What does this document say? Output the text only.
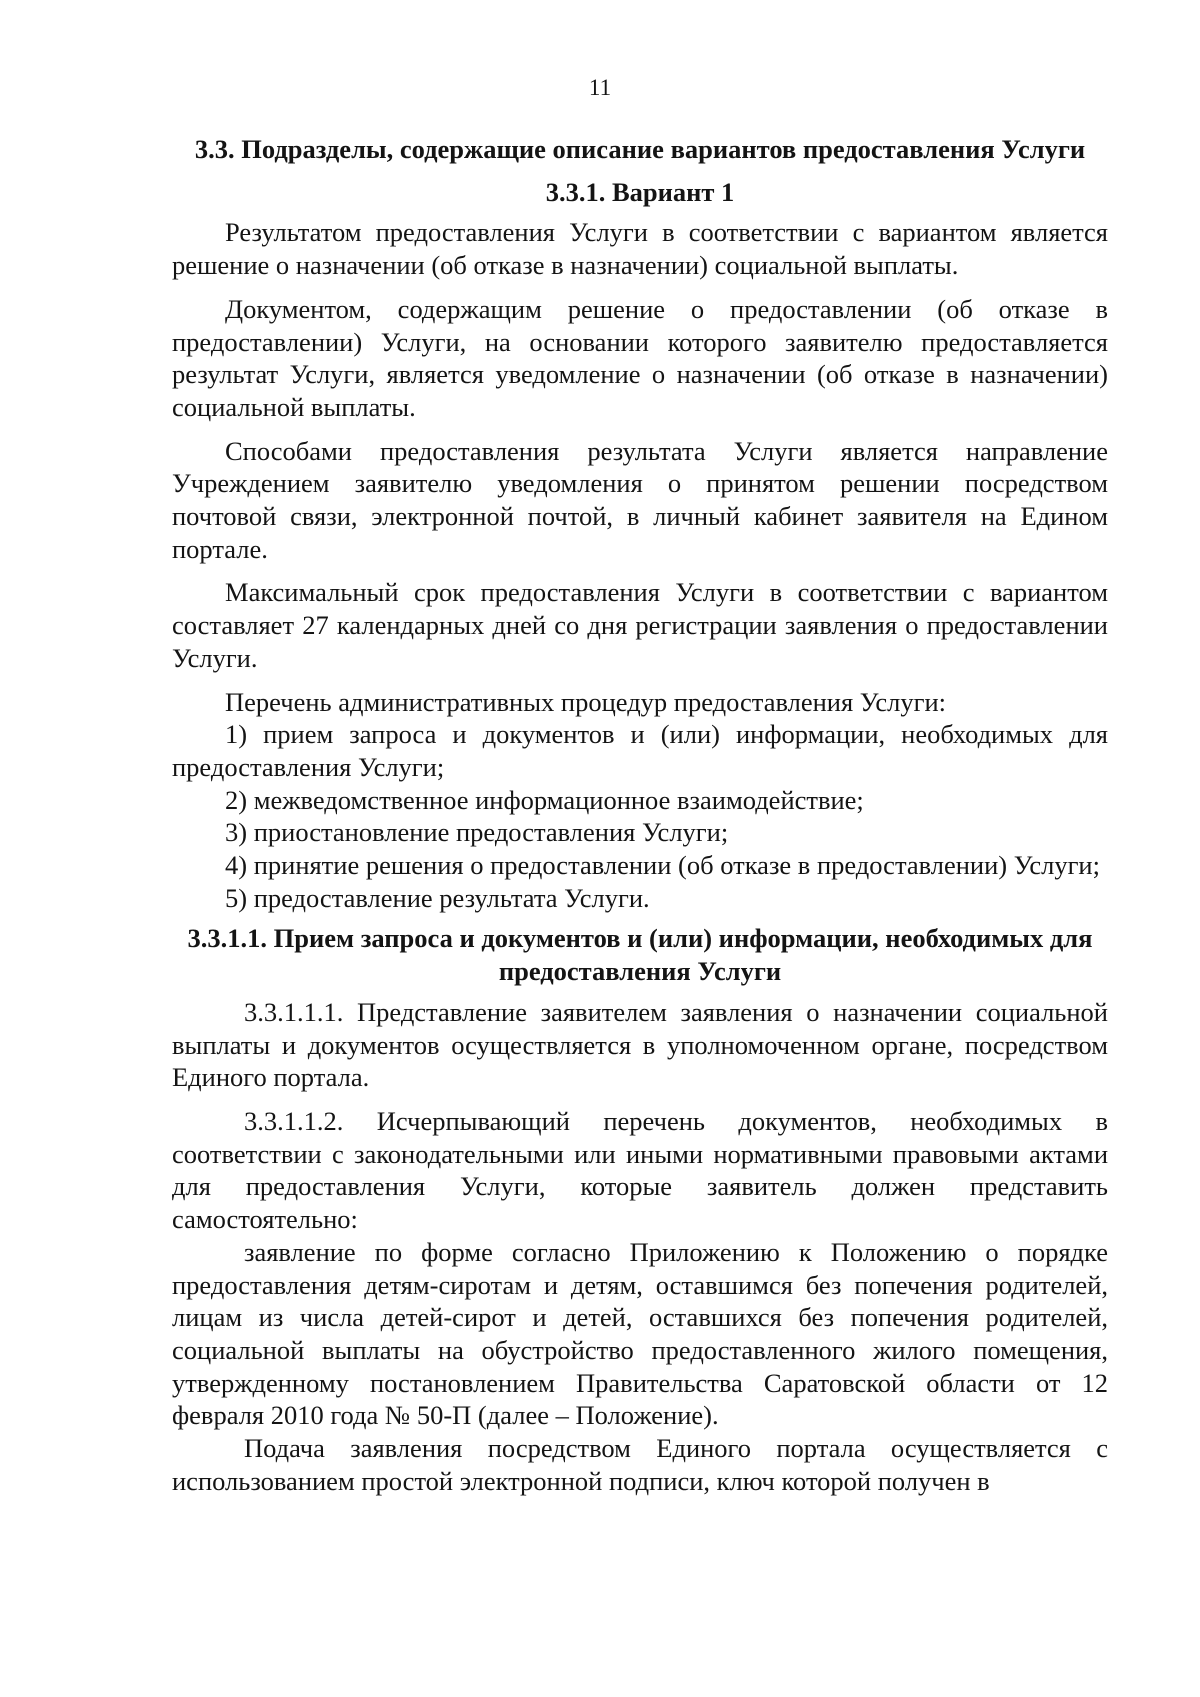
11

3.3. Подразделы, содержащие описание вариантов предоставления Услуги

3.3.1. Вариант 1

Результатом предоставления Услуги в соответствии с вариантом является решение о назначении (об отказе в назначении) социальной выплаты.

Документом, содержащим решение о предоставлении (об отказе в предоставлении) Услуги, на основании которого заявителю предоставляется результат Услуги, является уведомление о назначении (об отказе в назначении) социальной выплаты.

Способами предоставления результата Услуги является направление Учреждением заявителю уведомления о принятом решении посредством почтовой связи, электронной почтой, в личный кабинет заявителя на Едином портале.

Максимальный срок предоставления Услуги в соответствии с вариантом составляет 27 календарных дней со дня регистрации заявления о предоставлении Услуги.

Перечень административных процедур предоставления Услуги:

1) прием запроса и документов и (или) информации, необходимых для предоставления Услуги;

2) межведомственное информационное взаимодействие;

3) приостановление предоставления Услуги;

4) принятие решения о предоставлении (об отказе в предоставлении) Услуги;

5) предоставление результата Услуги.

3.3.1.1. Прием запроса и документов и (или) информации, необходимых для предоставления Услуги

3.3.1.1.1. Представление заявителем заявления о назначении социальной выплаты и документов осуществляется в уполномоченном органе, посредством Единого портала.

3.3.1.1.2. Исчерпывающий перечень документов, необходимых в соответствии с законодательными или иными нормативными правовыми актами для предоставления Услуги, которые заявитель должен представить самостоятельно:

заявление по форме согласно Приложению к Положению о порядке предоставления детям-сиротам и детям, оставшимся без попечения родителей, лицам из числа детей-сирот и детей, оставшихся без попечения родителей, социальной выплаты на обустройство предоставленного жилого помещения, утвержденному постановлением Правительства Саратовской области от 12 февраля 2010 года № 50-П (далее – Положение).

Подача заявления посредством Единого портала осуществляется с использованием простой электронной подписи, ключ которой получен в
